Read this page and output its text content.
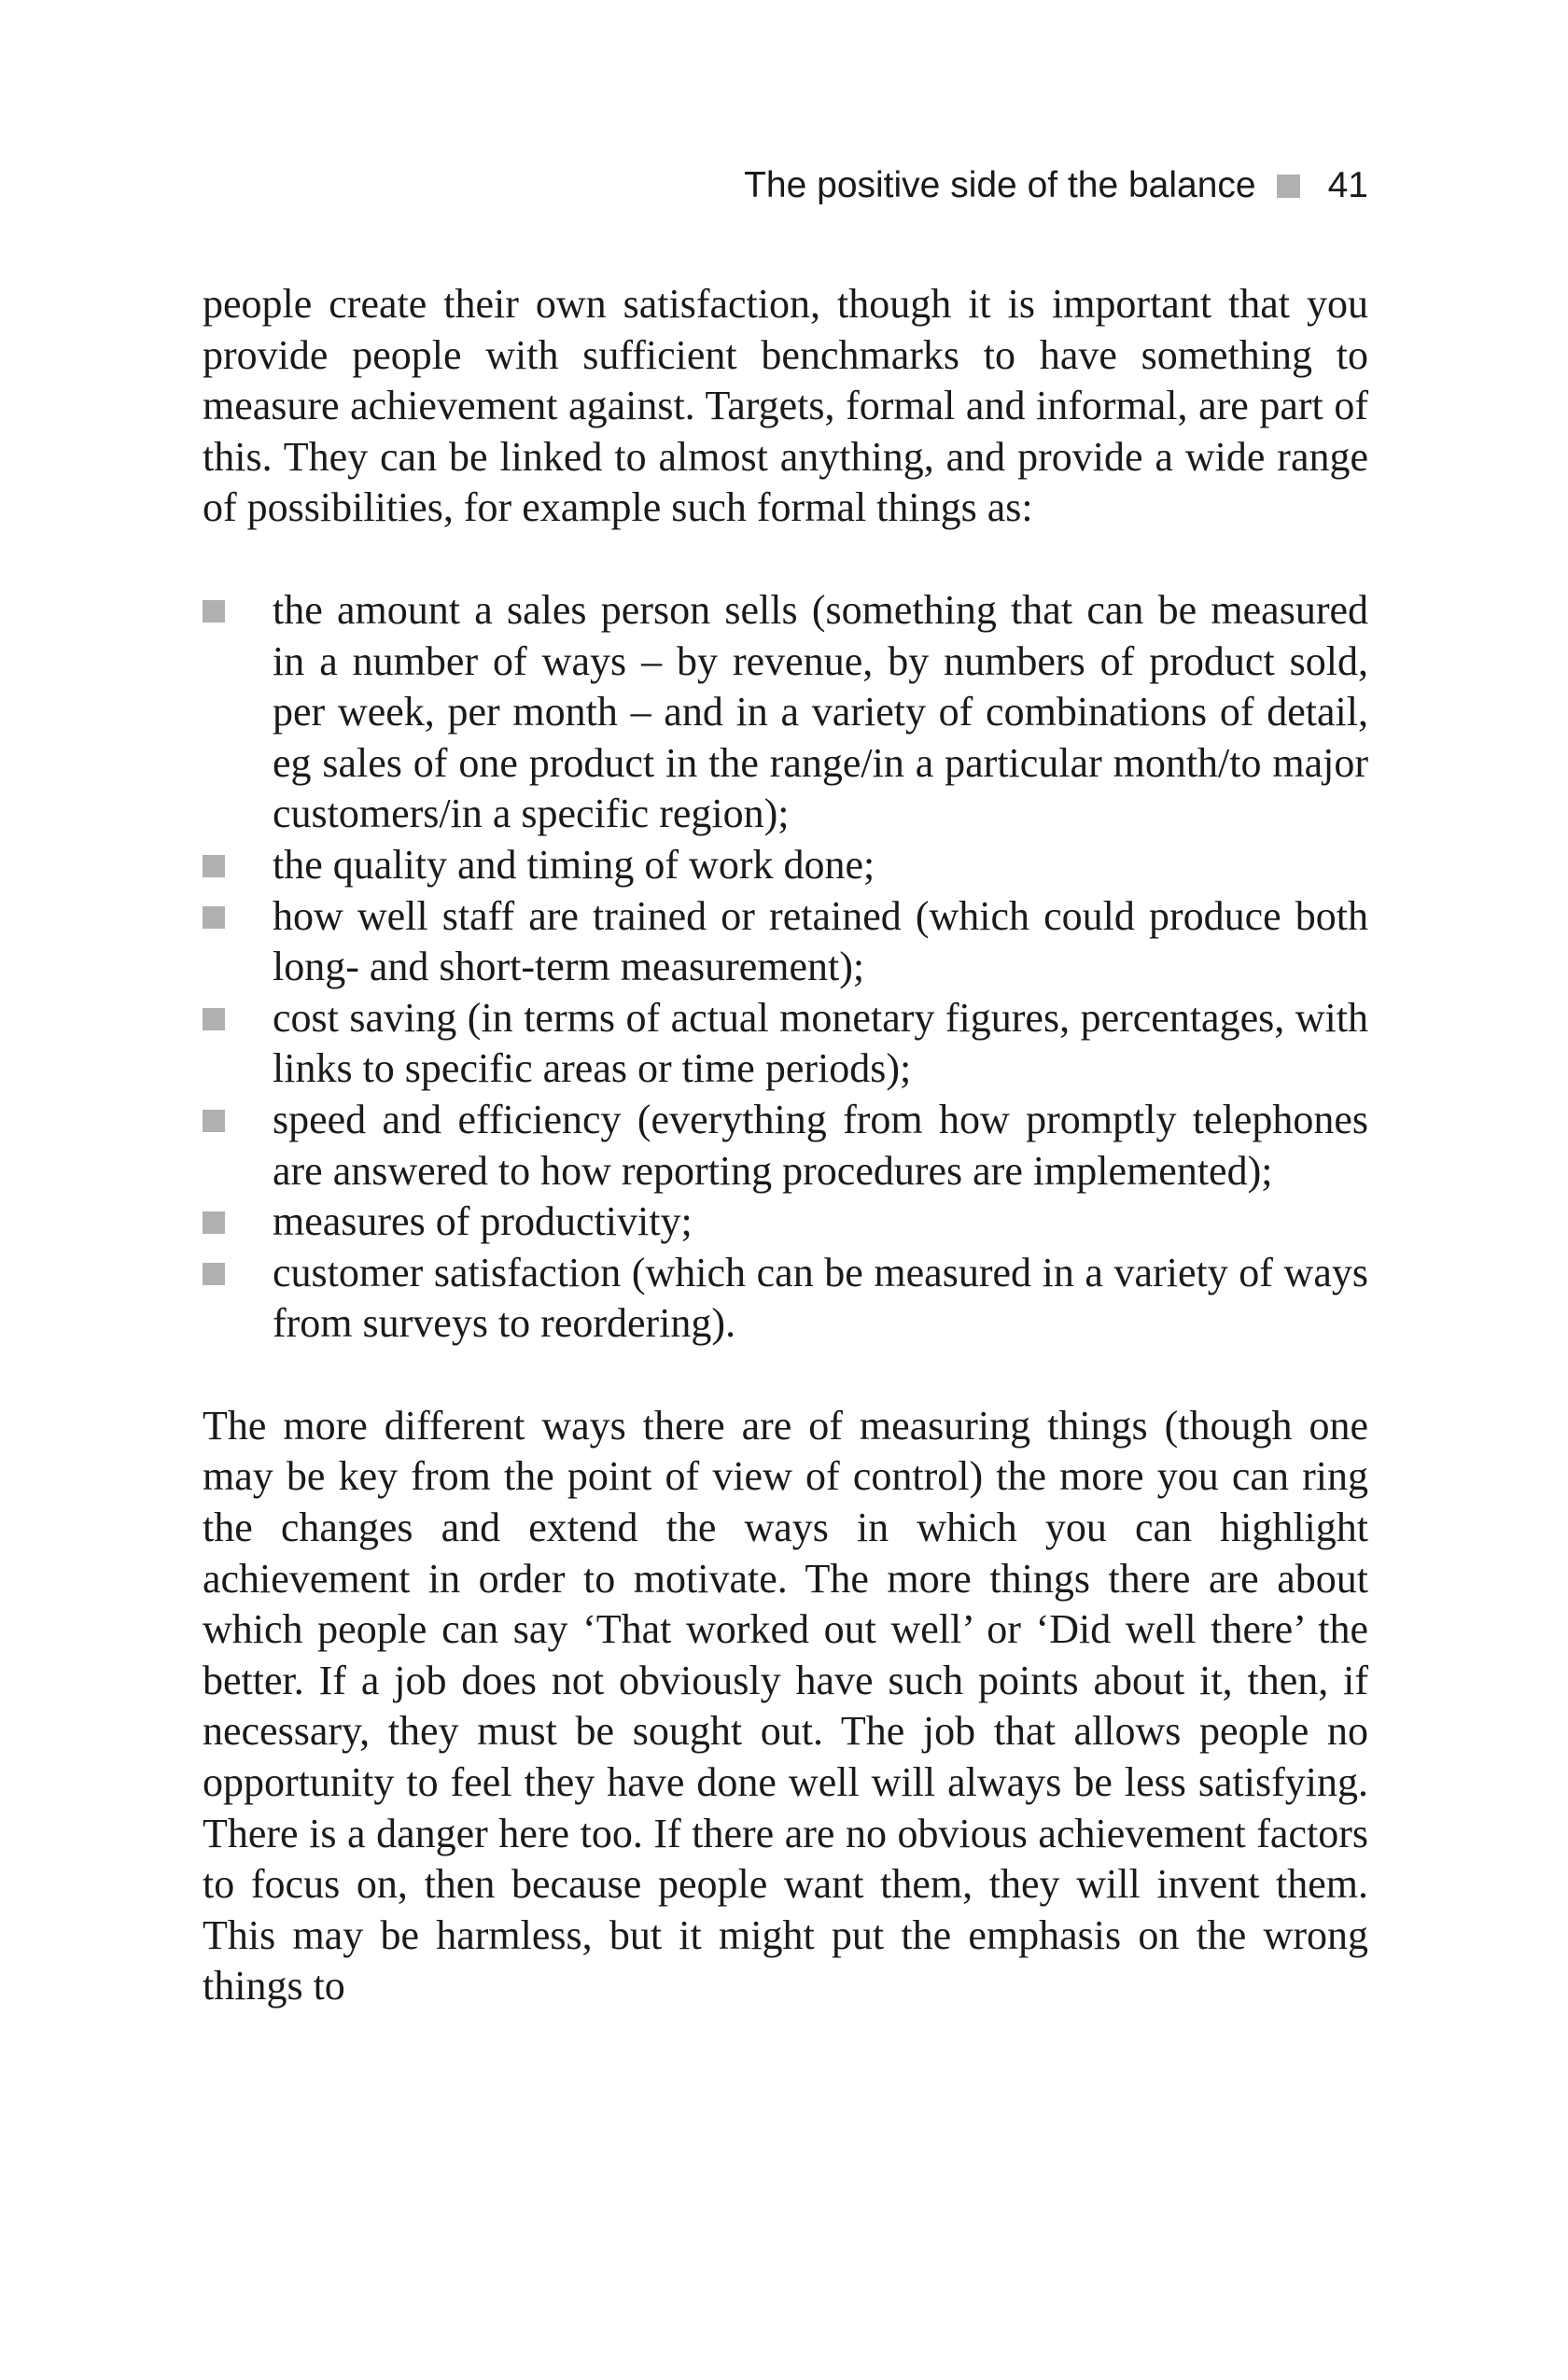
The positive side of the balance 41

people create their own satisfaction, though it is important that you provide people with sufficient benchmarks to have something to measure achievement against. Targets, formal and informal, are part of this. They can be linked to almost anything, and provide a wide range of possibilities, for example such formal things as:

the amount a sales person sells (something that can be measured in a number of ways – by revenue, by numbers of product sold, per week, per month – and in a variety of combinations of detail, eg sales of one product in the range/in a particular month/to major customers/in a specific region);
the quality and timing of work done;
how well staff are trained or retained (which could produce both long- and short-term measurement);
cost saving (in terms of actual monetary figures, percentages, with links to specific areas or time periods);
speed and efficiency (everything from how promptly telephones are answered to how reporting procedures are implemented);
measures of productivity;
customer satisfaction (which can be measured in a variety of ways from surveys to reordering).

The more different ways there are of measuring things (though one may be key from the point of view of control) the more you can ring the changes and extend the ways in which you can highlight achievement in order to motivate. The more things there are about which people can say ‘That worked out well’ or ‘Did well there’ the better. If a job does not obviously have such points about it, then, if necessary, they must be sought out. The job that allows people no opportunity to feel they have done well will always be less satisfying. There is a danger here too. If there are no obvious achievement factors to focus on, then because people want them, they will invent them. This may be harmless, but it might put the emphasis on the wrong things to
